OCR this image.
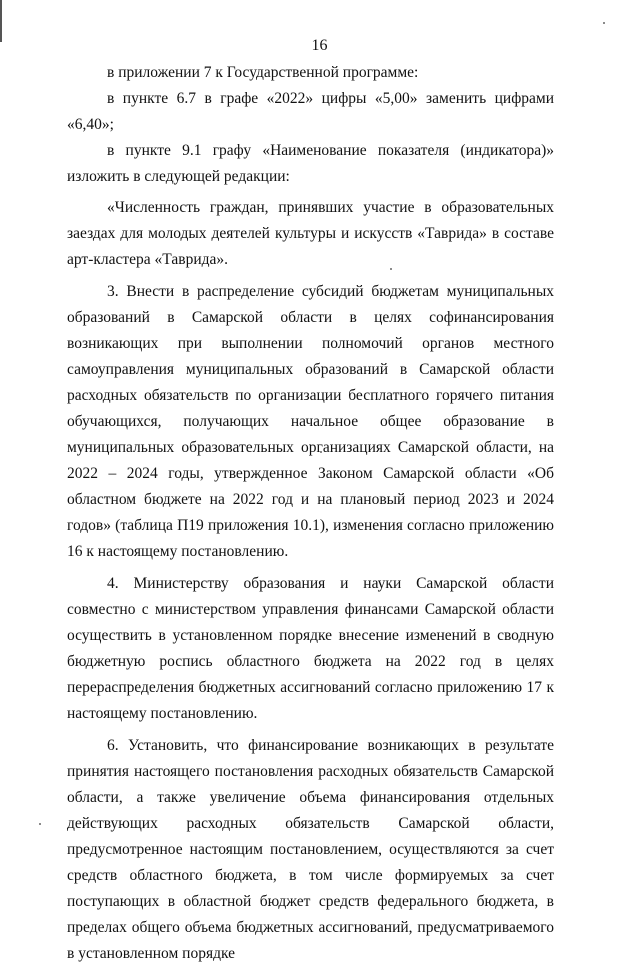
16

в приложении 7 к Государственной программе:

в пункте 6.7 в графе «2022» цифры «5,00» заменить цифрами «6,40»;

в пункте 9.1 графу «Наименование показателя (индикатора)» изложить в следующей редакции:

«Численность граждан, принявших участие в образовательных заездах для молодых деятелей культуры и искусств «Таврида» в составе арт-кластера «Таврида».

3. Внести в распределение субсидий бюджетам муниципальных образований в Самарской области в целях софинансирования возникающих при выполнении полномочий органов местного самоуправления муниципальных образований в Самарской области расходных обязательств по организации бесплатного горячего питания обучающихся, получающих начальное общее образование в муниципальных образовательных организациях Самарской области, на 2022 – 2024 годы, утвержденное Законом Самарской области «Об областном бюджете на 2022 год и на плановый период 2023 и 2024 годов» (таблица П19 приложения 10.1), изменения согласно приложению 16 к настоящему постановлению.

4. Министерству образования и науки Самарской области совместно с министерством управления финансами Самарской области осуществить в установленном порядке внесение изменений в сводную бюджетную роспись областного бюджета на 2022 год в целях перераспределения бюджетных ассигнований согласно приложению 17 к настоящему постановлению.

6. Установить, что финансирование возникающих в результате принятия настоящего постановления расходных обязательств Самарской области, а также увеличение объема финансирования отдельных действующих расходных обязательств Самарской области, предусмотренное настоящим постановлением, осуществляются за счет средств областного бюджета, в том числе формируемых за счет поступающих в областной бюджет средств федерального бюджета, в пределах общего объема бюджетных ассигнований, предусматриваемого в установленном порядке
